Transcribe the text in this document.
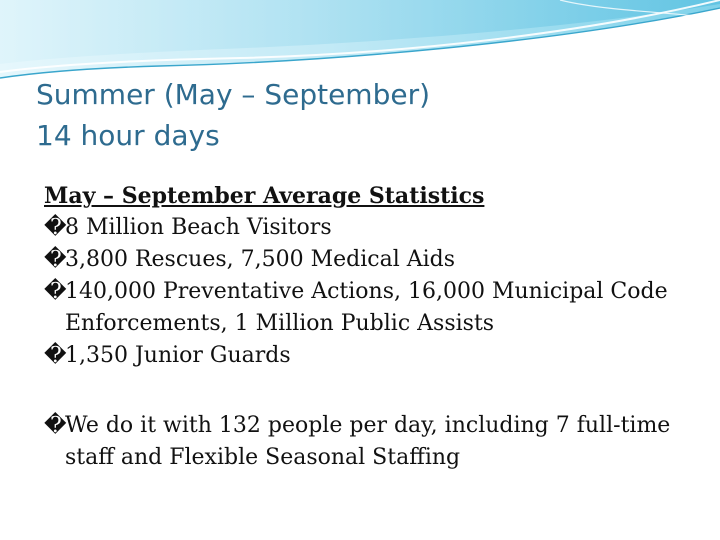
Summer (May – September)
14 hour days
May – September Average Statistics
�
8 Million Beach Visitors
�
3,800 Rescues, 7,500 Medical Aids
�
140,000 Preventative Actions, 16,000 Municipal Code Enforcements, 1 Million Public Assists
�
1,350 Junior Guards
�
We do it with 132 people per day, including 7 full-time staff and Flexible Seasonal Staffing
